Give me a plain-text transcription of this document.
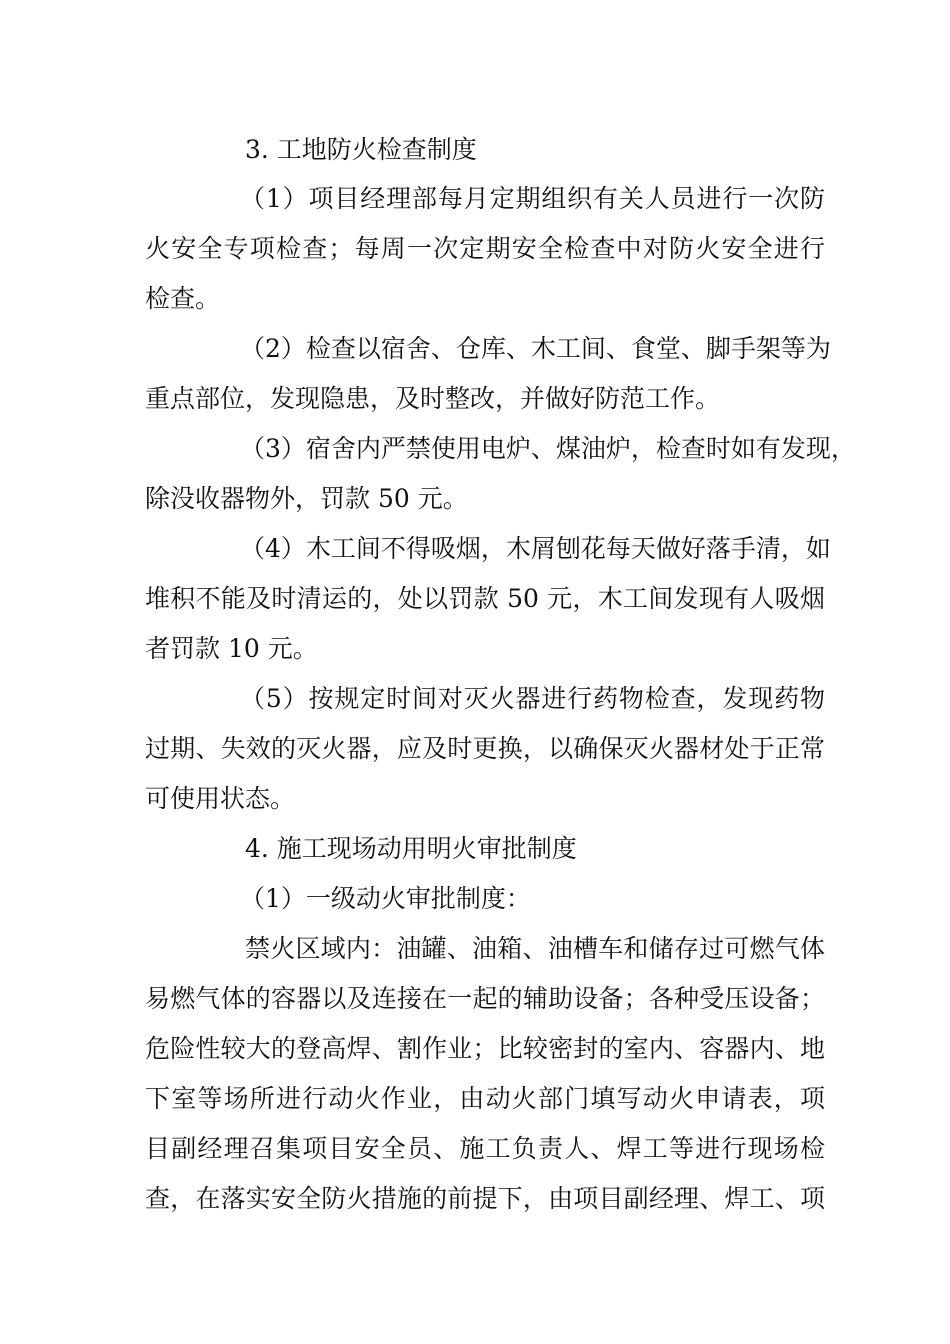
3. 工地防火检查制度
（1）项目经理部每月定期组织有关人员进行一次防
火安全专项检查；每周一次定期安全检查中对防火安全进行
检查。
（2）检查以宿舍、仓库、木工间、食堂、脚手架等为
重点部位，发现隐患，及时整改，并做好防范工作。
（3）宿舍内严禁使用电炉、煤油炉，检查时如有发现，
除没收器物外，罚款 50 元。
（4）木工间不得吸烟，木屑刨花每天做好落手清，如
堆积不能及时清运的，处以罚款 50 元，木工间发现有人吸烟
者罚款 10 元。
（5）按规定时间对灭火器进行药物检查，发现药物
过期、失效的灭火器，应及时更换，以确保灭火器材处于正常
可使用状态。
4. 施工现场动用明火审批制度
（1）一级动火审批制度：
禁火区域内：油罐、油箱、油槽车和储存过可燃气体
易燃气体的容器以及连接在一起的辅助设备；各种受压设备；
危险性较大的登高焊、割作业；比较密封的室内、容器内、地
下室等场所进行动火作业，由动火部门填写动火申请表，项
目副经理召集项目安全员、施工负责人、焊工等进行现场检
查，在落实安全防火措施的前提下，由项目副经理、焊工、项
